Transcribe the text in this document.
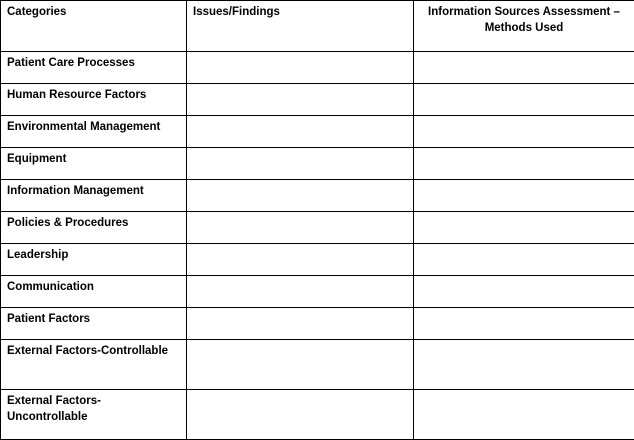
Categories	Issues/Findings	Information Sources Assessment – Methods Used

Patient Care Processes		

Human Resource Factors		

Environmental Management		

Equipment		

Information Management		

Policies & Procedures		

Leadership		

Communication		

Patient Factors		

External Factors-Controllable		

External Factors-Uncontrollable		
